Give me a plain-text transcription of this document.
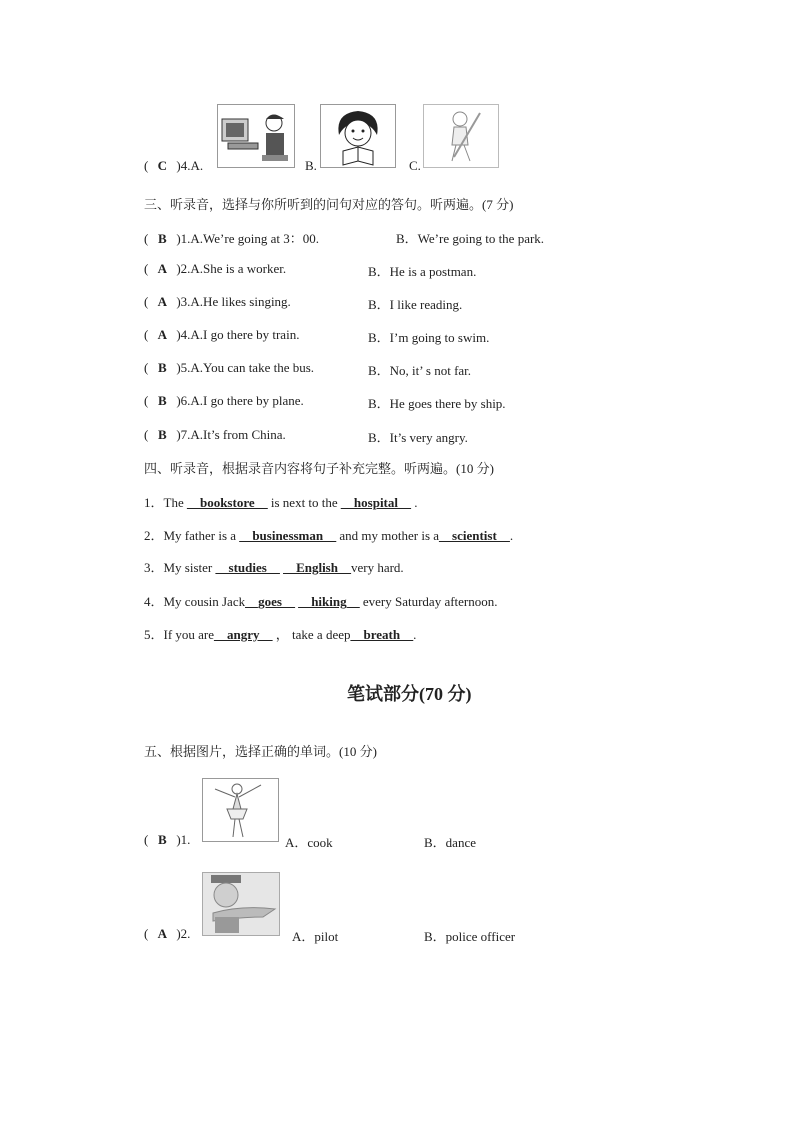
( C )4.A.	B.	C.
三、听录音，选择与你所听到的问句对应的答句。听两遍。(7 分)
( B )1.A.We’re going at 3：00.	B．We’re going to the park.
( A )2.A.She is a worker.	B．He is a postman.
( A )3.A.He likes singing.	B．I like reading.
( A )4.A.I go there by train.	B．I’m going to swim.
( B )5.A.You can take the bus.	B．No, it’ s not far.
( B )6.A.I go there by plane.	B．He goes there by ship.
( B )7.A.It’s from China.	B．It’s very angry.
四、听录音，根据录音内容将句子补充完整。听两遍。(10 分)
1．The __bookstore__ is next to the __hospital__ .
2．My father is a __businessman__ and my mother is a__scientist__.
3．My sister __studies__ __English__very hard.
4．My cousin Jack__goes__ __hiking__ every Saturday afternoon.
5．If you are__angry__ ， take a deep__breath__.
笔试部分(70 分)
五、根据图片，选择正确的单词。(10 分)
( B )1.	A．cook	B．dance
( A )2.	A．pilot	B．police officer
